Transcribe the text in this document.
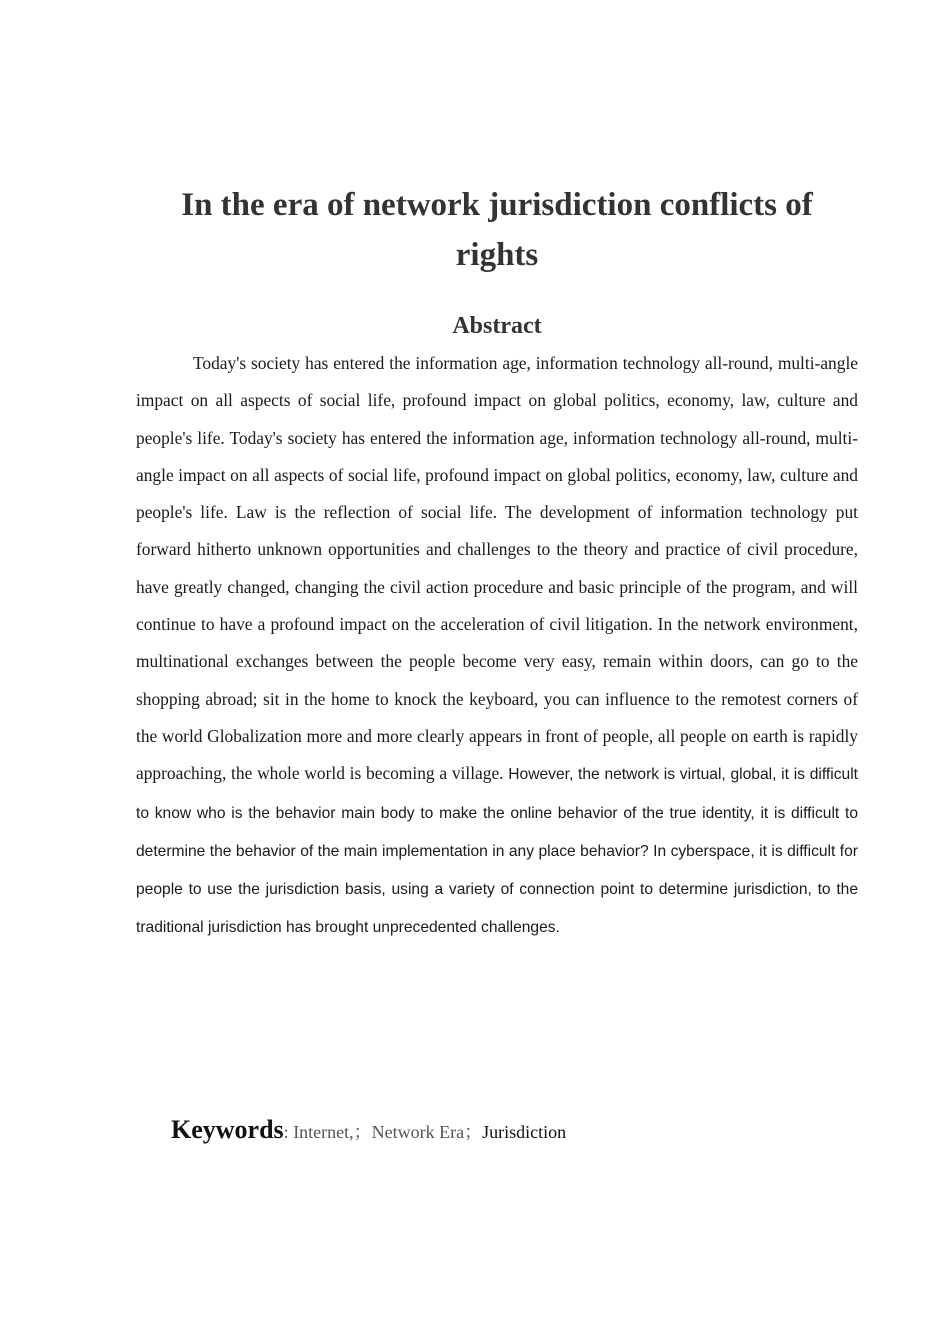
In the era of network jurisdiction conflicts of rights
Abstract

Today's society has entered the information age, information technology all-round, multi-angle impact on all aspects of social life, profound impact on global politics, economy, law, culture and people's life. Today's society has entered the information age, information technology all-round, multi-angle impact on all aspects of social life, profound impact on global politics, economy, law, culture and people's life. Law is the reflection of social life. The development of information technology put forward hitherto unknown opportunities and challenges to the theory and practice of civil procedure, have greatly changed, changing the civil action procedure and basic principle of the program, and will continue to have a profound impact on the acceleration of civil litigation. In the network environment, multinational exchanges between the people become very easy, remain within doors, can go to the shopping abroad; sit in the home to knock the keyboard, you can influence to the remotest corners of the world Globalization more and more clearly appears in front of people, all people on earth is rapidly approaching, the whole world is becoming a village. However, the network is virtual, global, it is difficult to know who is the behavior main body to make the online behavior of the true identity, it is difficult to determine the behavior of the main implementation in any place behavior? In cyberspace, it is difficult for people to use the jurisdiction basis, using a variety of connection point to determine jurisdiction, to the traditional jurisdiction has brought unprecedented challenges.

Keywords: Internet,；Network Era；Jurisdiction
